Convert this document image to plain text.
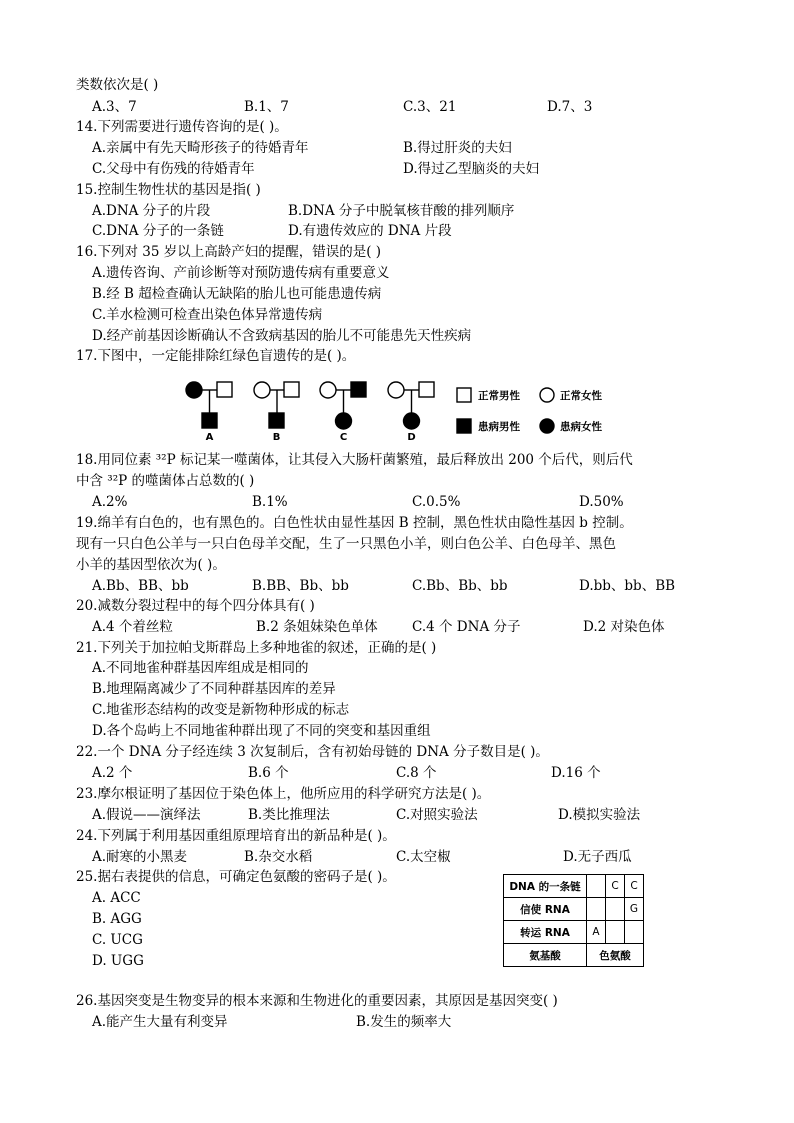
类数依次是( )
A.3、7	B.1、7	C.3、21	D.7、3
14.下列需要进行遗传咨询的是( )。
A.亲属中有先天畸形孩子的待婚青年	B.得过肝炎的夫妇
C.父母中有伤残的待婚青年	D.得过乙型脑炎的夫妇
15.控制生物性状的基因是指( )
A.DNA 分子的片段	B.DNA 分子中脱氧核苷酸的排列顺序
C.DNA 分子的一条链	D.有遗传效应的 DNA 片段
16.下列对 35 岁以上高龄产妇的提醒，错误的是( )
A.遗传咨询、产前诊断等对预防遗传病有重要意义
B.经 B 超检查确认无缺陷的胎儿也可能患遗传病
C.羊水检测可检查出染色体异常遗传病
D.经产前基因诊断确认不含致病基因的胎儿不可能患先天性疾病
17.下图中，一定能排除红绿色盲遗传的是( )。
A	B	C	D
正常男性	正常女性
患病男性	患病女性
18.用同位素 ³²P 标记某一噬菌体，让其侵入大肠杆菌繁殖，最后释放出 200 个后代，则后代
中含 ³²P 的噬菌体占总数的( )
A.2%	B.1%	C.0.5%	D.50%
19.绵羊有白色的，也有黑色的。白色性状由显性基因 B 控制，黑色性状由隐性基因 b 控制。
现有一只白色公羊与一只白色母羊交配，生了一只黑色小羊，则白色公羊、白色母羊、黑色
小羊的基因型依次为( )。
A.Bb、BB、bb	B.BB、Bb、bb	C.Bb、Bb、bb	D.bb、bb、BB
20.减数分裂过程中的每个四分体具有( )
A.4 个着丝粒	B.2 条姐妹染色单体	C.4 个 DNA 分子	D.2 对染色体
21.下列关于加拉帕戈斯群岛上多种地雀的叙述，正确的是( )
A.不同地雀种群基因库组成是相同的
B.地理隔离减少了不同种群基因库的差异
C.地雀形态结构的改变是新物种形成的标志
D.各个岛屿上不同地雀种群出现了不同的突变和基因重组
22.一个 DNA 分子经连续 3 次复制后，含有初始母链的 DNA 分子数目是( )。
A.2 个	B.6 个	C.8 个	D.16 个
23.摩尔根证明了基因位于染色体上，他所应用的科学研究方法是( )。
A.假说——演绎法	B.类比推理法	C.对照实验法	D.模拟实验法
24.下列属于利用基因重组原理培育出的新品种是( )。
A.耐寒的小黑麦	B.杂交水稻	C.太空椒	D.无子西瓜
25.据右表提供的信息，可确定色氨酸的密码子是( )。
A. ACC
B. AGG
C. UCG
D. UGG
DNA 的一条链		C	C
信使 RNA			G
转运 RNA	A		
氨基酸	色氨酸		
26.基因突变是生物变异的根本来源和生物进化的重要因素，其原因是基因突变( )
A.能产生大量有利变异	B.发生的频率大
